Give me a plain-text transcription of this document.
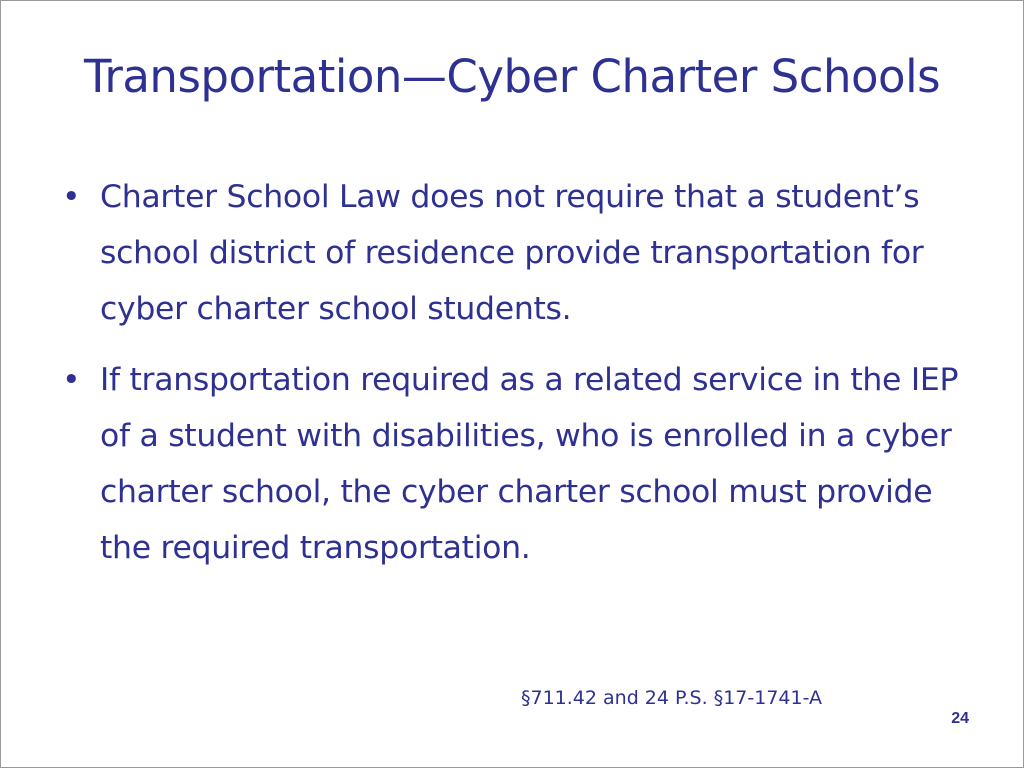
Transportation—Cyber Charter Schools
• Charter School Law does not require that a student’s school district of residence provide transportation for cyber charter school students.
• If transportation required as a related service in the IEP of a student with disabilities, who is enrolled in a cyber charter school, the cyber charter school must provide the required transportation.
§711.42 and 24 P.S. §17-1741-A
24
